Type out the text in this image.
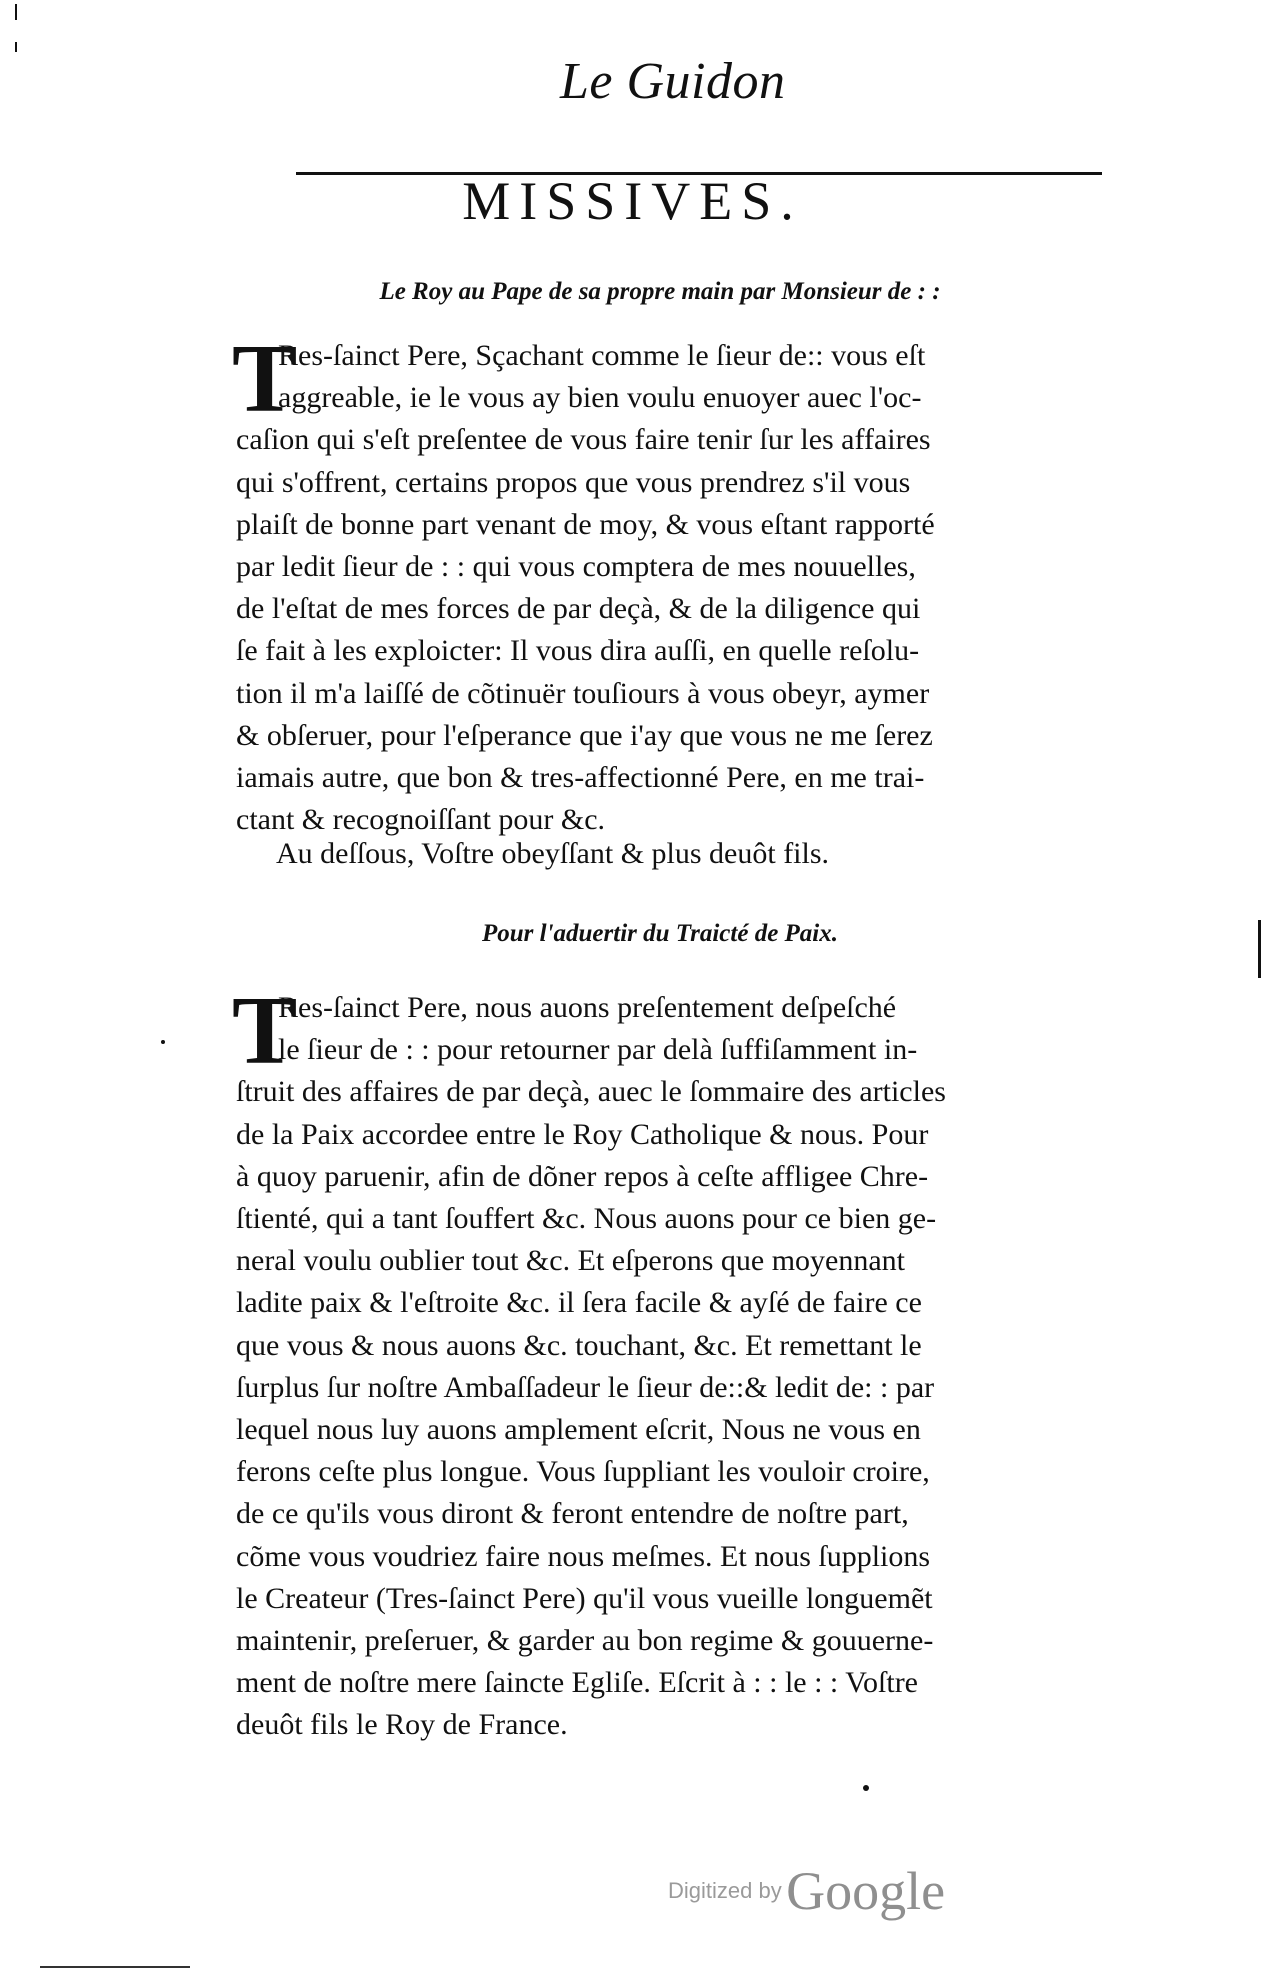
Le Guidon
MISSIVES.
Le Roy au Pape de sa propre main par Monsieur de : :
T
Res-ſainct Pere, Sçachant comme le ſieur de:: vous eſt
aggreable, ie le vous ay bien voulu enuoyer auec l'oc-
caſion qui s'eſt preſentee de vous faire tenir ſur les affaires
qui s'offrent, certains propos que vous prendrez s'il vous
plaiſt de bonne part venant de moy, & vous eſtant rapporté
par ledit ſieur de : : qui vous comptera de mes nouuelles,
de l'eſtat de mes forces de par deçà, & de la diligence qui
ſe fait à les exploicter: Il vous dira auſſi, en quelle reſolu-
tion il m'a laiſſé de cõtinuër touſiours à vous obeyr, aymer
& obſeruer, pour l'eſperance que i'ay que vous ne me ſerez
iamais autre, que bon & tres-affectionné Pere, en me trai-
ctant & recognoiſſant pour &c.
Au deſſous, Voſtre obeyſſant & plus deuôt fils.
Pour l'aduertir du Traicté de Paix.
T
Res-ſainct Pere, nous auons preſentement deſpeſché
le ſieur de : : pour retourner par delà ſuffiſamment in-
ſtruit des affaires de par deçà, auec le ſommaire des articles
de la Paix accordee entre le Roy Catholique & nous. Pour
à quoy paruenir, afin de dõner repos à ceſte affligee Chre-
ſtienté, qui a tant ſouffert &c. Nous auons pour ce bien ge-
neral voulu oublier tout &c. Et eſperons que moyennant
ladite paix & l'eſtroite &c. il ſera facile & ayſé de faire ce
que vous & nous auons &c. touchant, &c. Et remettant le
ſurplus ſur noſtre Ambaſſadeur le ſieur de::& ledit de: : par
lequel nous luy auons amplement eſcrit, Nous ne vous en
ferons ceſte plus longue. Vous ſuppliant les vouloir croire,
de ce qu'ils vous diront & feront entendre de noſtre part,
cõme vous voudriez faire nous meſmes. Et nous ſupplions
le Createur (Tres-ſainct Pere) qu'il vous vueille longuemẽt
maintenir, preſeruer, & garder au bon regime & gouuerne-
ment de noſtre mere ſaincte Egliſe. Eſcrit à : : le : : Voſtre
deuôt fils le Roy de France.
Digitized by Google
